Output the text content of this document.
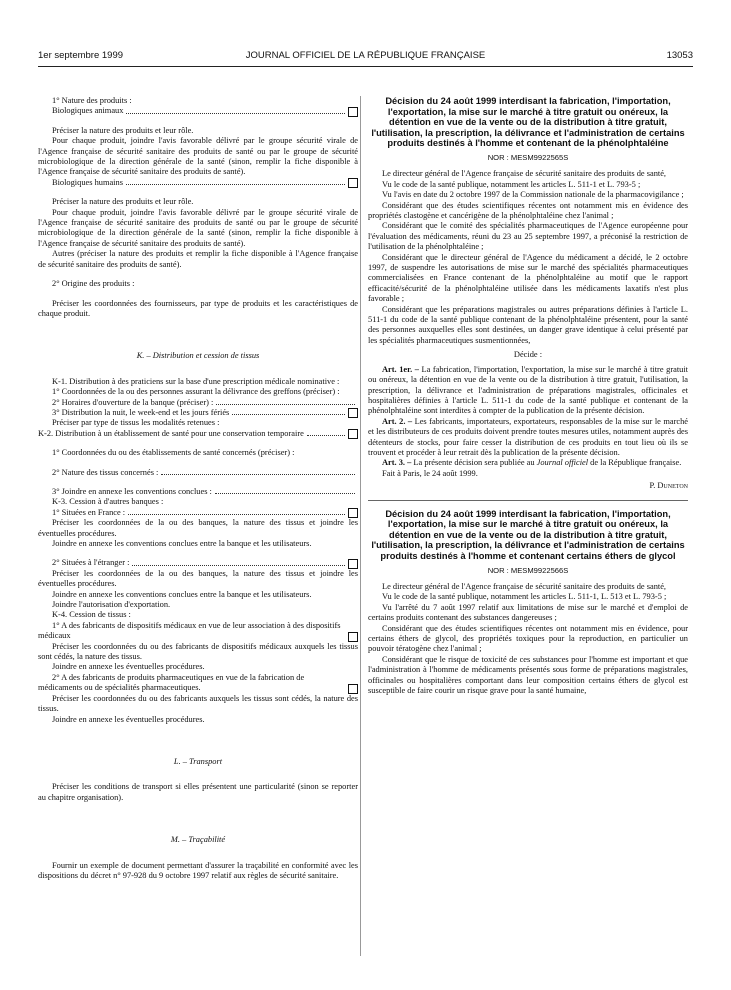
1er septembre 1999	JOURNAL OFFICIEL DE LA RÉPUBLIQUE FRANÇAISE	13053

1° Nature des produits :

Biologiques animaux

Préciser la nature des produits et leur rôle.

Pour chaque produit, joindre l'avis favorable délivré par le groupe sécurité virale de l'Agence française de sécurité sanitaire des produits de santé ou par le groupe de sécurité microbiologique de la direction générale de la santé (sinon, remplir la fiche disponible à l'Agence française de sécurité sanitaire des produits de santé).

Biologiques humains

Préciser la nature des produits et leur rôle.

Pour chaque produit, joindre l'avis favorable délivré par le groupe sécurité virale de l'Agence française de sécurité sanitaire des produits de santé ou par le groupe de sécurité microbiologique de la direction générale de la santé (sinon, remplir la fiche disponible à l'Agence française de sécurité sanitaire des produits de santé).

Autres (préciser la nature des produits et remplir la fiche disponible à l'Agence française de sécurité sanitaire des produits de santé).

2° Origine des produits :

Préciser les coordonnées des fournisseurs, par type de produits et les caractéristiques de chaque produit.

K. – Distribution et cession de tissus

K-1. Distribution à des praticiens sur la base d'une prescription médicale nominative :

1° Coordonnées de la ou des personnes assurant la délivrance des greffons (préciser) :

2° Horaires d'ouverture de la banque (préciser) :
3° Distribution la nuit, le week-end et les jours fériés

Préciser par type de tissus les modalités retenues :

K-2. Distribution à un établissement de santé pour une conservation temporaire

1° Coordonnées du ou des établissements de santé concernés (préciser) :

2° Nature des tissus concernés :
3° Joindre en annexe les conventions conclues :

K-3. Cession à d'autres banques :

1° Situées en France :

Préciser les coordonnées de la ou des banques, la nature des tissus et joindre les éventuelles procédures.

Joindre en annexe les conventions conclues entre la banque et les utilisateurs.

2° Situées à l'étranger :

Préciser les coordonnées de la ou des banques, la nature des tissus et joindre les éventuelles procédures.

Joindre en annexe les conventions conclues entre la banque et les utilisateurs.

Joindre l'autorisation d'exportation.

K-4. Cession de tissus :

1° A des fabricants de dispositifs médicaux en vue de leur association à des dispositifs médicaux

Préciser les coordonnées du ou des fabricants de dispositifs médicaux auxquels les tissus sont cédés, la nature des tissus.

Joindre en annexe les éventuelles procédures.

2° A des fabricants de produits pharmaceutiques en vue de la fabrication de médicaments ou de spécialités pharmaceutiques.

Préciser les coordonnées du ou des fabricants auxquels les tissus sont cédés, la nature des tissus.

Joindre en annexe les éventuelles procédures.

L. – Transport

Préciser les conditions de transport si elles présentent une particularité (sinon se reporter au chapitre organisation).

M. – Traçabilité

Fournir un exemple de document permettant d'assurer la traçabilité en conformité avec les dispositions du décret n° 97-928 du 9 octobre 1997 relatif aux règles de sécurité sanitaire.

Décision du 24 août 1999 interdisant la fabrication, l'importation, l'exportation, la mise sur le marché à titre gratuit ou onéreux, la détention en vue de la vente ou de la distribution à titre gratuit, l'utilisation, la prescription, la délivrance et l'administration de certains produits destinés à l'homme et contenant de la phénolphtaléine

NOR : MESM9922565S

Le directeur général de l'Agence française de sécurité sanitaire des produits de santé,

Vu le code de la santé publique, notamment les articles L. 511-1 et L. 793-5 ;

Vu l'avis en date du 2 octobre 1997 de la Commission nationale de la pharmacovigilance ;

Considérant que des études scientifiques récentes ont notamment mis en évidence des propriétés clastogène et cancérigène de la phénolphtaléine chez l'animal ;

Considérant que le comité des spécialités pharmaceutiques de l'Agence européenne pour l'évaluation des médicaments, réuni du 23 au 25 septembre 1997, a préconisé la restriction de l'utilisation de la phénolphtaléine ;

Considérant que le directeur général de l'Agence du médicament a décidé, le 2 octobre 1997, de suspendre les autorisations de mise sur le marché des spécialités pharmaceutiques commercialisées en France contenant de la phénolphtaléine au motif que le rapport efficacité/sécurité de la phénolphtaléine utilisée dans les médicaments laxatifs n'est plus favorable ;

Considérant que les préparations magistrales ou autres préparations définies à l'article L. 511-1 du code de la santé publique contenant de la phénolphtaléine présentent, pour la santé des personnes auxquelles elles sont destinées, un danger grave identique à celui présenté par les spécialités pharmaceutiques susmentionnées,

Décide :

Art. 1er. – La fabrication, l'importation, l'exportation, la mise sur le marché à titre gratuit ou onéreux, la détention en vue de la vente ou de la distribution à titre gratuit, l'utilisation, la prescription, la délivrance et l'administration de préparations magistrales, officinales et hospitalières définies à l'article L. 511-1 du code de la santé publique et contenant de la phénolphtaléine sont interdites à compter de la publication de la présente décision.

Art. 2. – Les fabricants, importateurs, exportateurs, responsables de la mise sur le marché et les distributeurs de ces produits doivent prendre toutes mesures utiles, notamment auprès des détenteurs de stocks, pour faire cesser la distribution de ces produits en tout lieu où ils se trouvent et procéder à leur retrait dès la publication de la présente décision.

Art. 3. – La présente décision sera publiée au Journal officiel de la République française.

Fait à Paris, le 24 août 1999.

P. Duneton

Décision du 24 août 1999 interdisant la fabrication, l'importation, l'exportation, la mise sur le marché à titre gratuit ou onéreux, la détention en vue de la vente ou de la distribution à titre gratuit, l'utilisation, la prescription, la délivrance et l'administration de certains produits destinés à l'homme et contenant certains éthers de glycol

NOR : MESM9922566S

Le directeur général de l'Agence française de sécurité sanitaire des produits de santé,

Vu le code de la santé publique, notamment les articles L. 511-1, L. 513 et L. 793-5 ;

Vu l'arrêté du 7 août 1997 relatif aux limitations de mise sur le marché et d'emploi de certains produits contenant des substances dangereuses ;

Considérant que des études scientifiques récentes ont notamment mis en évidence, pour certains éthers de glycol, des propriétés toxiques pour la reproduction, en particulier un pouvoir tératogène chez l'animal ;

Considérant que le risque de toxicité de ces substances pour l'homme est important et que l'administration à l'homme de médicaments présentés sous forme de préparations magistrales, officinales ou hospitalières comportant dans leur composition certains éthers de glycol est susceptible de faire courir un risque grave pour la santé humaine,
